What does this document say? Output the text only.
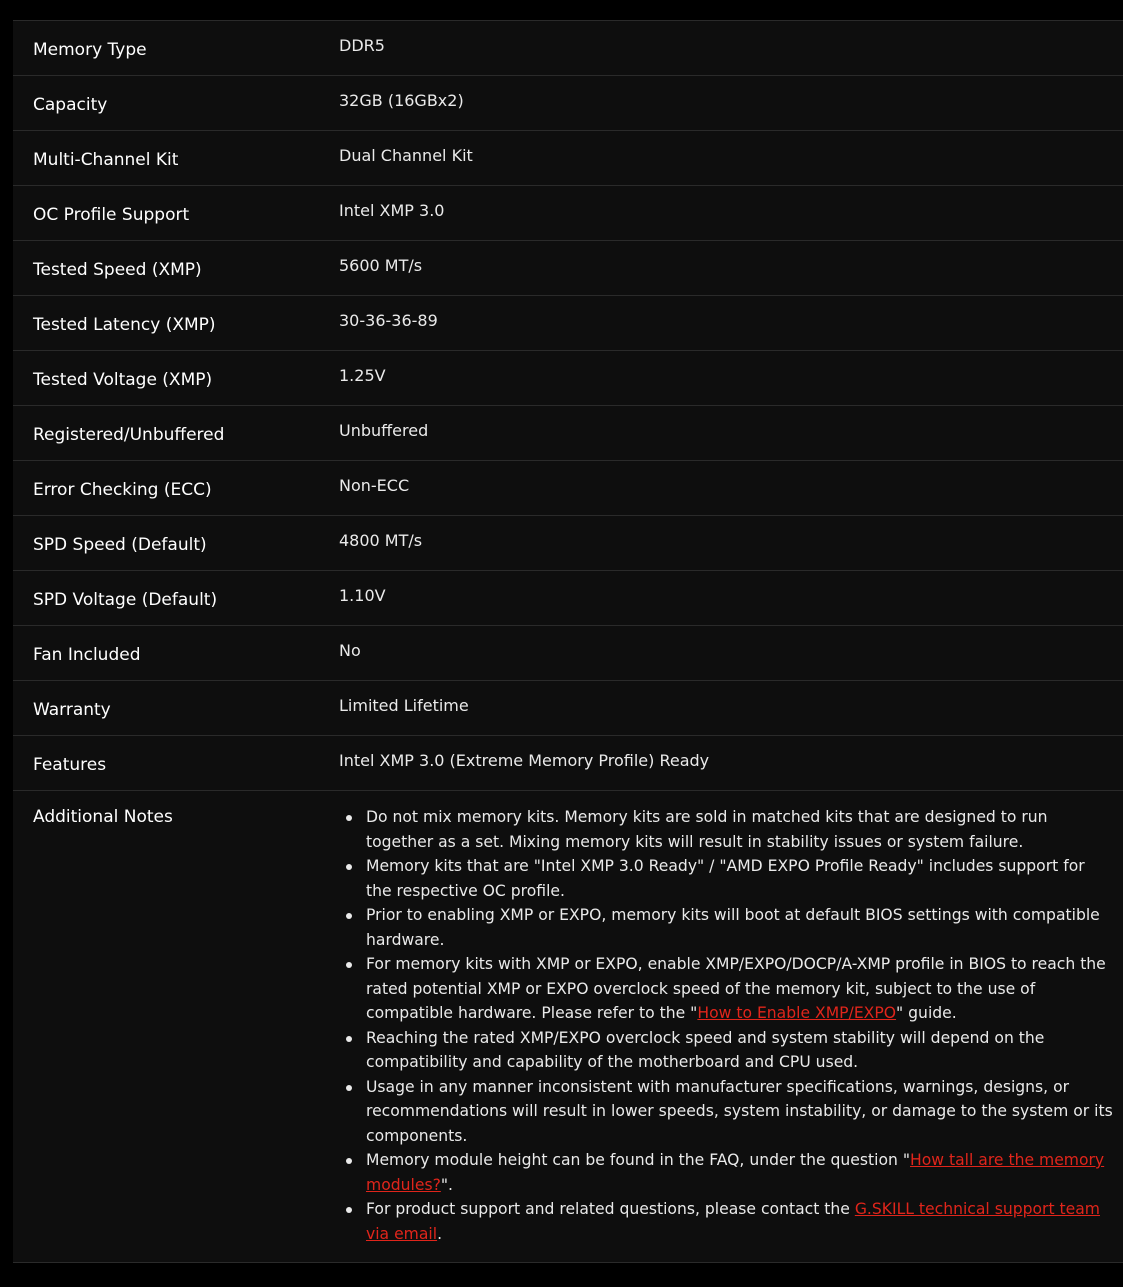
Memory Type	DDR5
Capacity	32GB (16GBx2)
Multi-Channel Kit	Dual Channel Kit
OC Profile Support	Intel XMP 3.0
Tested Speed (XMP)	5600 MT/s
Tested Latency (XMP)	30-36-36-89
Tested Voltage (XMP)	1.25V
Registered/Unbuffered	Unbuffered
Error Checking (ECC)	Non-ECC
SPD Speed (Default)	4800 MT/s
SPD Voltage (Default)	1.10V
Fan Included	No
Warranty	Limited Lifetime
Features	Intel XMP 3.0 (Extreme Memory Profile) Ready
Additional Notes	Do not mix memory kits. Memory kits are sold in matched kits that are designed to run together as a set. Mixing memory kits will result in stability issues or system failure.
Memory kits that are "Intel XMP 3.0 Ready" / "AMD EXPO Profile Ready" includes support for the respective OC profile.
Prior to enabling XMP or EXPO, memory kits will boot at default BIOS settings with compatible hardware.
For memory kits with XMP or EXPO, enable XMP/EXPO/DOCP/A-XMP profile in BIOS to reach the rated potential XMP or EXPO overclock speed of the memory kit, subject to the use of compatible hardware. Please refer to the "How to Enable XMP/EXPO" guide.
Reaching the rated XMP/EXPO overclock speed and system stability will depend on the compatibility and capability of the motherboard and CPU used.
Usage in any manner inconsistent with manufacturer specifications, warnings, designs, or recommendations will result in lower speeds, system instability, or damage to the system or its components.
Memory module height can be found in the FAQ, under the question "How tall are the memory modules?".
For product support and related questions, please contact the G.SKILL technical support team via email.
